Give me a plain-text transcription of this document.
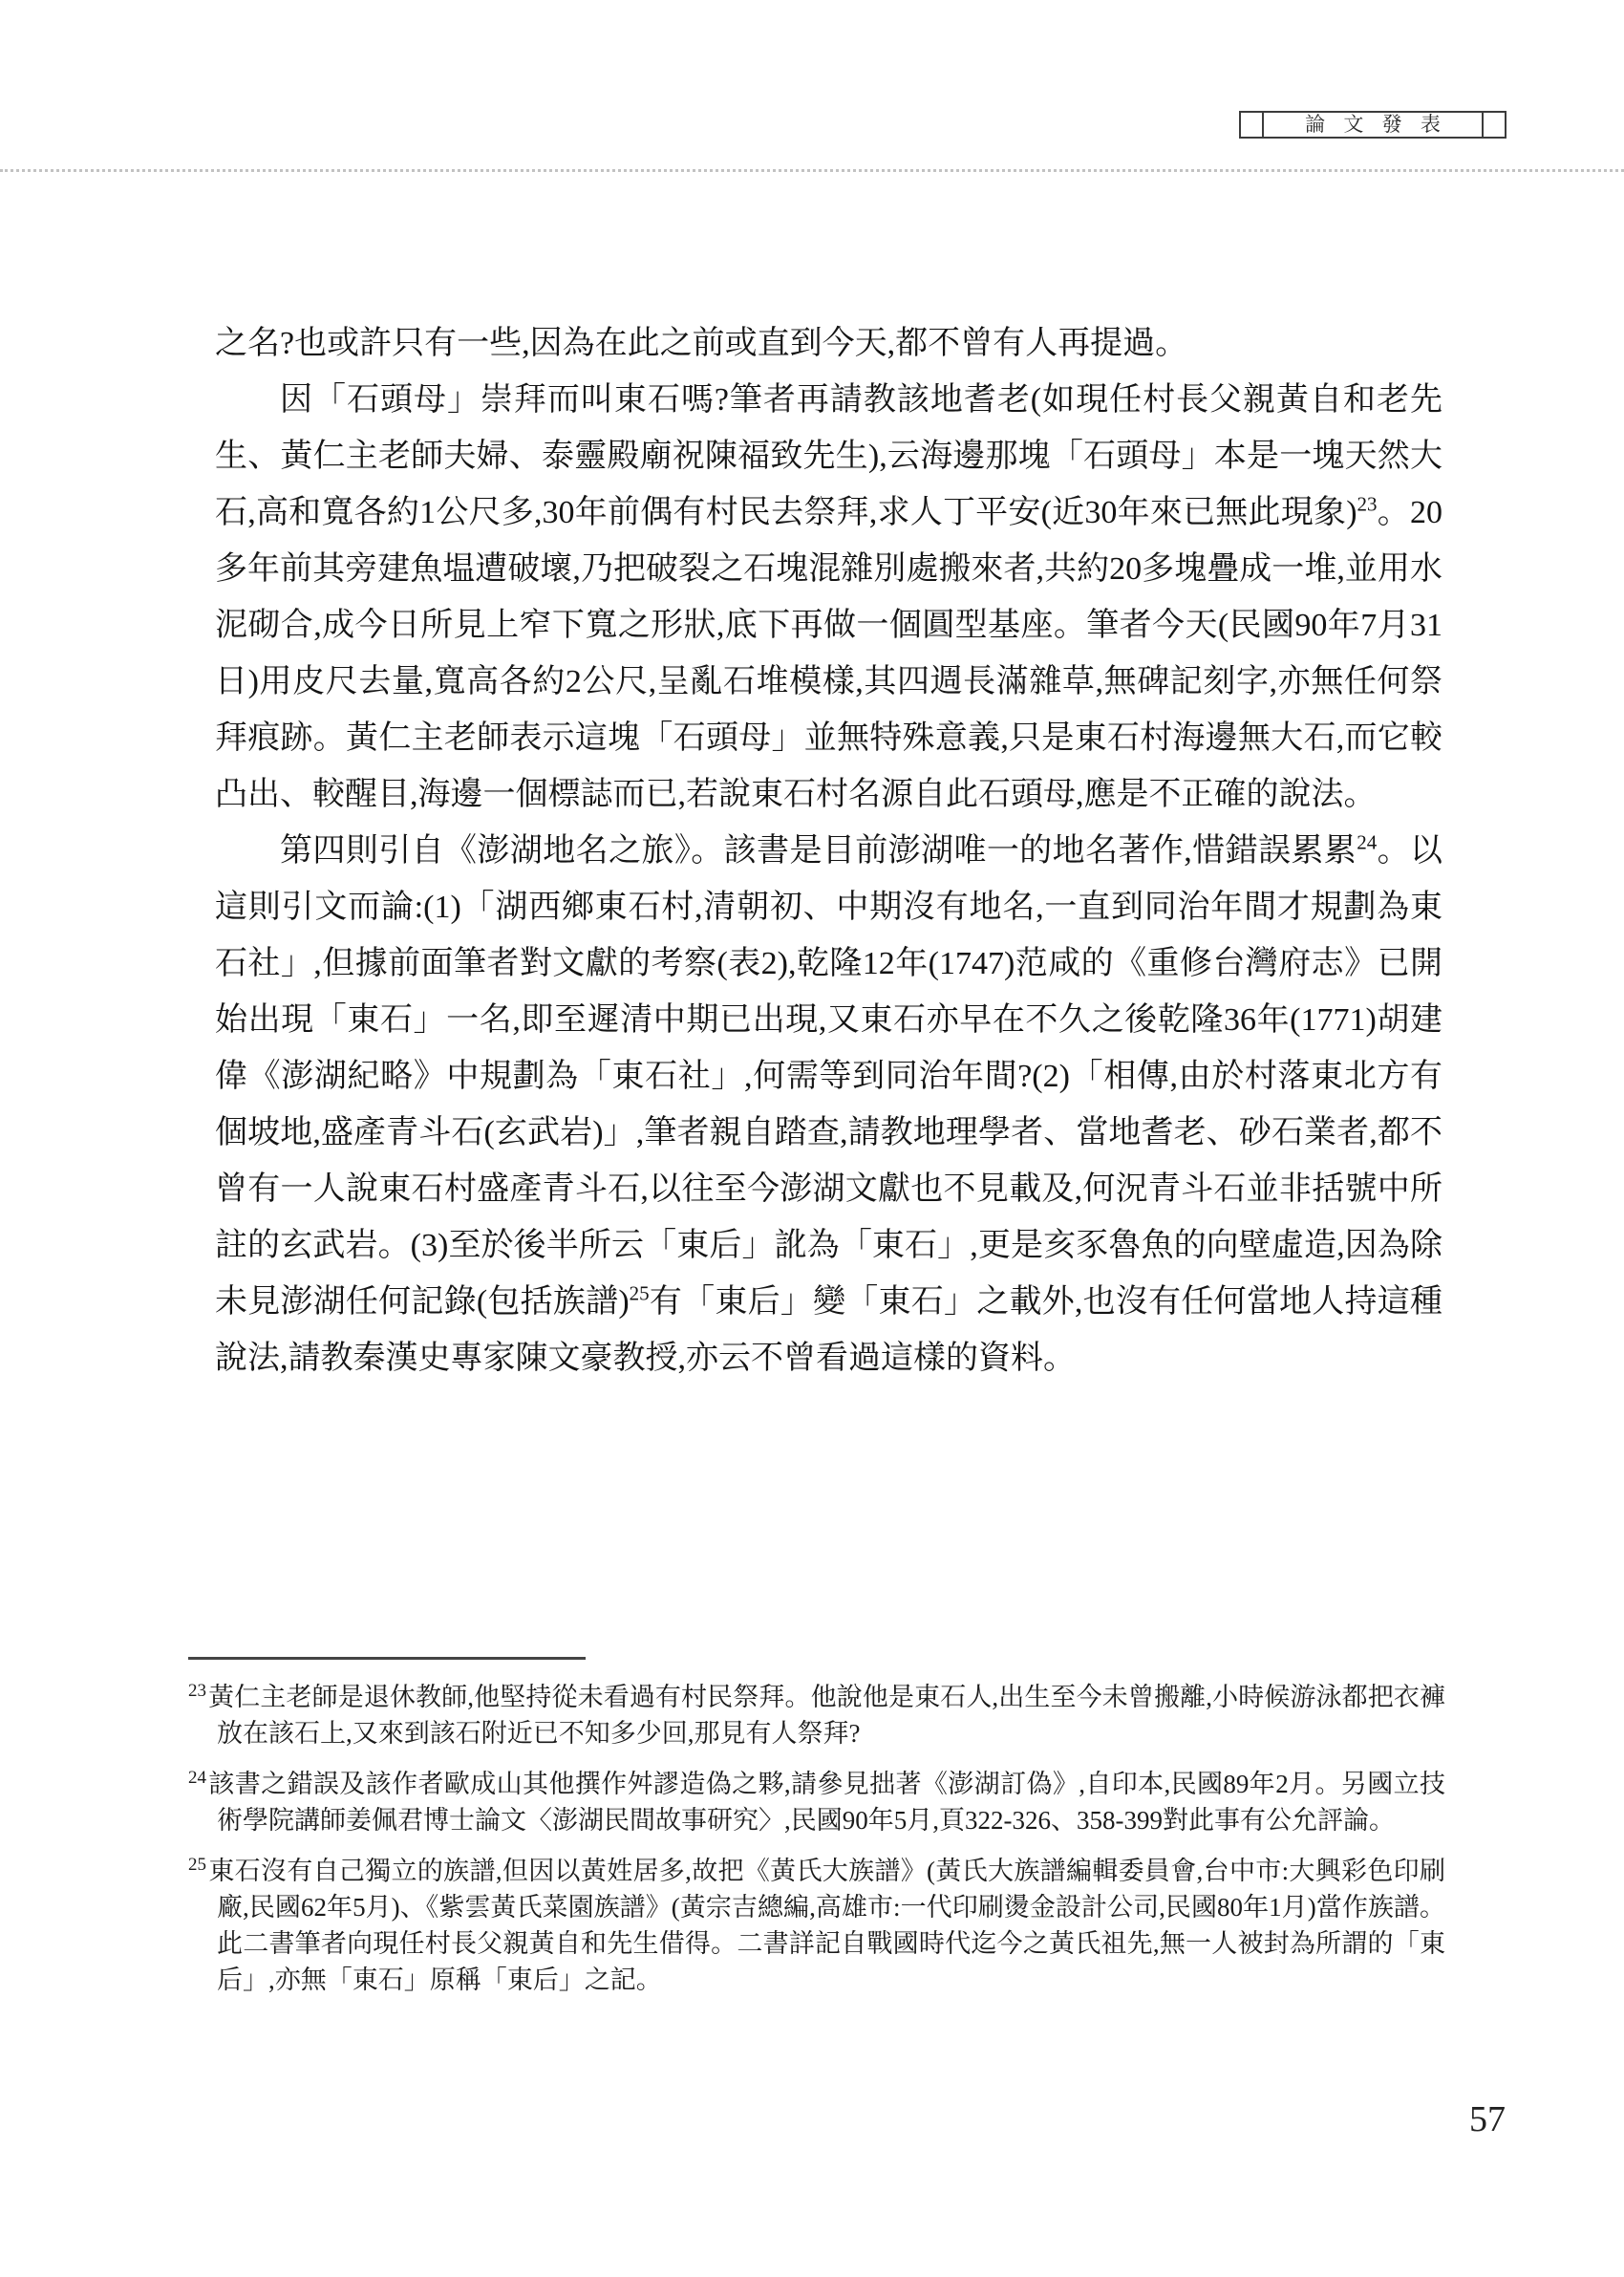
論 文 發 表

之名?也或許只有一些,因為在此之前或直到今天,都不曾有人再提過。

因「石頭母」崇拜而叫東石嗎?筆者再請教該地耆老(如現任村長父親黃自和老先生、黃仁主老師夫婦、泰靈殿廟祝陳福致先生),云海邊那塊「石頭母」本是一塊天然大石,高和寬各約1公尺多,30年前偶有村民去祭拜,求人丁平安(近30年來已無此現象)$^{23}$。20多年前其旁建魚塭遭破壞,乃把破裂之石塊混雜別處搬來者,共約20多塊疊成一堆,並用水泥砌合,成今日所見上窄下寬之形狀,底下再做一個圓型基座。筆者今天(民國90年7月31日)用皮尺去量,寬高各約2公尺,呈亂石堆模樣,其四週長滿雜草,無碑記刻字,亦無任何祭拜痕跡。黃仁主老師表示這塊「石頭母」並無特殊意義,只是東石村海邊無大石,而它較凸出、較醒目,海邊一個標誌而已,若說東石村名源自此石頭母,應是不正確的說法。

第四則引自《澎湖地名之旅》。該書是目前澎湖唯一的地名著作,惜錯誤累累$^{24}$。以這則引文而論:(1)「湖西鄉東石村,清朝初、中期沒有地名,一直到同治年間才規劃為東石社」,但據前面筆者對文獻的考察(表2),乾隆12年(1747)范咸的《重修台灣府志》已開始出現「東石」一名,即至遲清中期已出現,又東石亦早在不久之後乾隆36年(1771)胡建偉《澎湖紀略》中規劃為「東石社」,何需等到同治年間?(2)「相傳,由於村落東北方有個坡地,盛產青斗石(玄武岩)」,筆者親自踏查,請教地理學者、當地耆老、砂石業者,都不曾有一人說東石村盛產青斗石,以往至今澎湖文獻也不見載及,何況青斗石並非括號中所註的玄武岩。(3)至於後半所云「東后」訛為「東石」,更是亥豕魯魚的向壁虛造,因為除未見澎湖任何記錄(包括族譜)$^{25}$有「東后」變「東石」之載外,也沒有任何當地人持這種說法,請教秦漢史專家陳文豪教授,亦云不曾看過這樣的資料。

$^{23}$黃仁主老師是退休教師,他堅持從未看過有村民祭拜。他說他是東石人,出生至今未曾搬離,小時候游泳都把衣褲放在該石上,又來到該石附近已不知多少回,那見有人祭拜?
$^{24}$該書之錯誤及該作者歐成山其他撰作舛謬造偽之夥,請參見拙著《澎湖訂偽》,自印本,民國89年2月。另國立技術學院講師姜佩君博士論文〈澎湖民間故事研究〉,民國90年5月,頁322-326、358-399對此事有公允評論。
$^{25}$東石沒有自己獨立的族譜,但因以黃姓居多,故把《黃氏大族譜》(黃氏大族譜編輯委員會,台中市:大興彩色印刷廠,民國62年5月)、《紫雲黃氏菜園族譜》(黃宗吉總編,高雄市:一代印刷燙金設計公司,民國80年1月)當作族譜。此二書筆者向現任村長父親黃自和先生借得。二書詳記自戰國時代迄今之黃氏祖先,無一人被封為所謂的「東后」,亦無「東石」原稱「東后」之記。
57
